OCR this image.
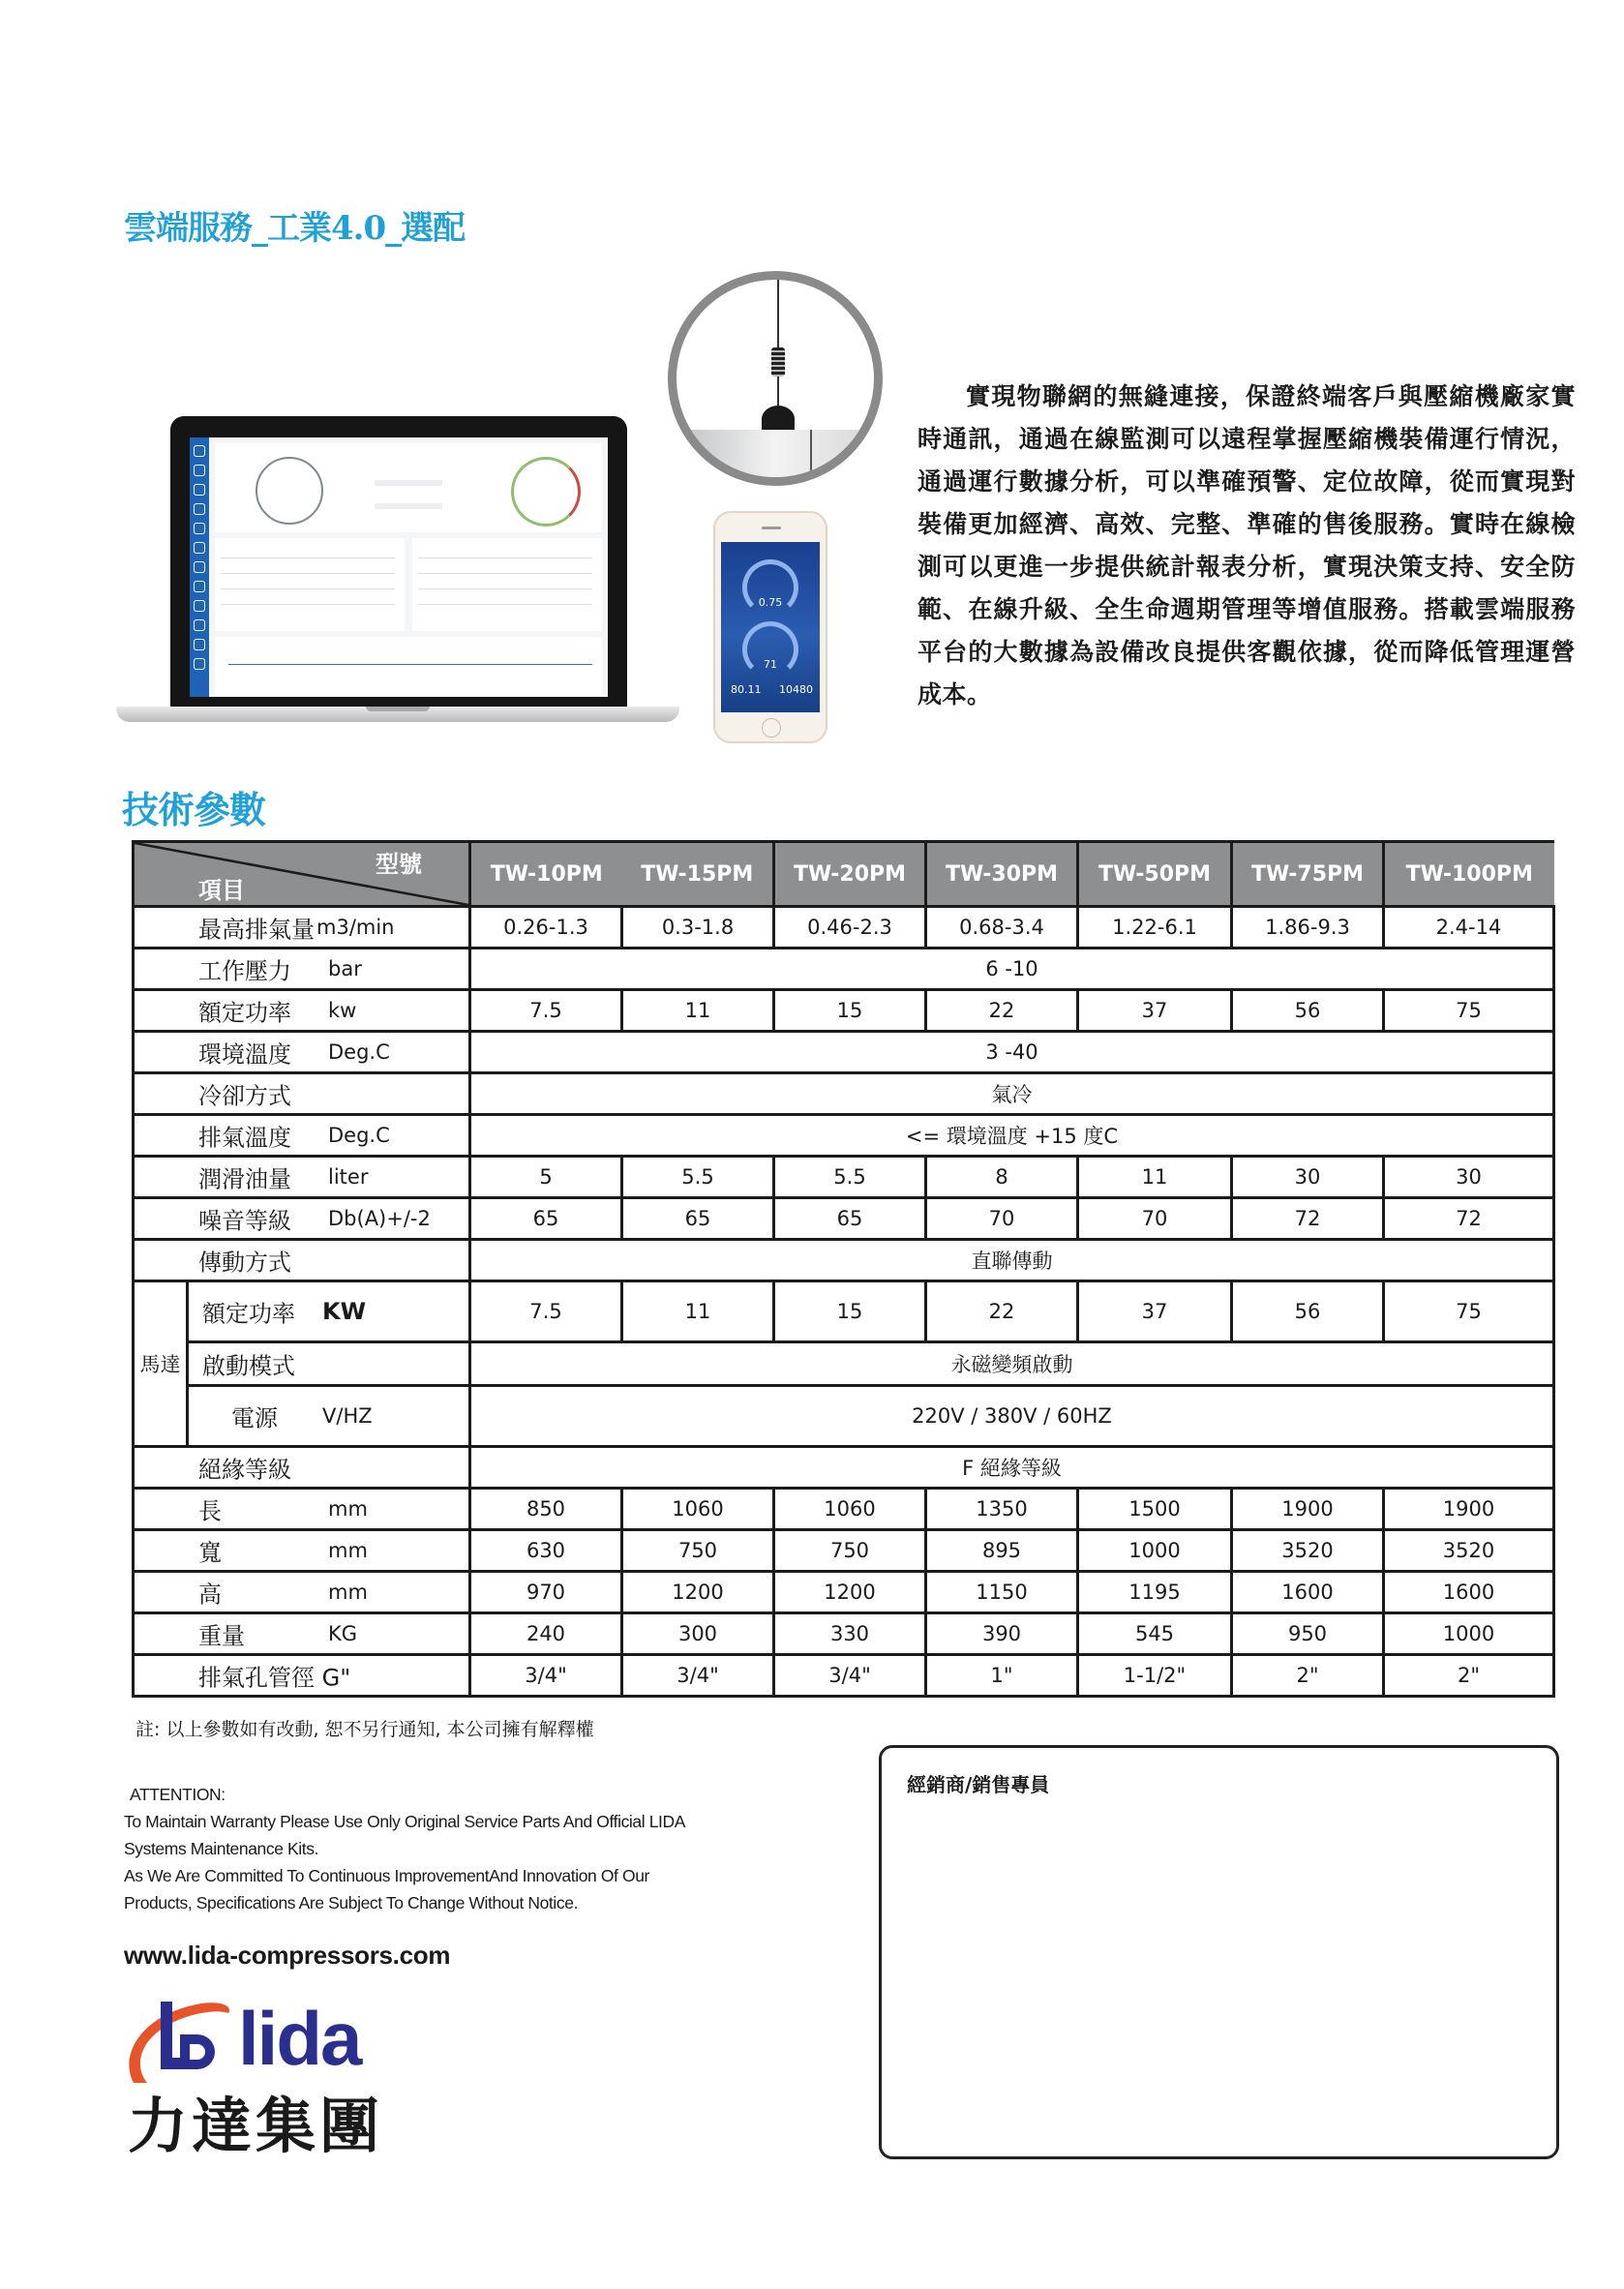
雲端服務_工業4.0_選配
0.75
71
80.11 10480

實現物聯網的無縫連接，保證終端客戶與壓縮機廠家實時通訊，通過在線監測可以遠程掌握壓縮機裝備運行情況，通過運行數據分析，可以準確預警、定位故障，從而實現對裝備更加經濟、高效、完整、準確的售後服務。實時在線檢測可以更進一步提供統計報表分析，實現決策支持、安全防範、在線升級、全生命週期管理等增值服務。搭載雲端服務平台的大數據為設備改良提供客觀依據，從而降低管理運營成本。

技術參數
型號
項目		TW-10PM	TW-15PM	TW-20PM	TW-30PM	TW-50PM	TW-75PM	TW-100PM

最高排氣量 m3/min		0.26-1.3	0.3-1.8	0.46-2.3	0.68-3.4	1.22-6.1	1.86-9.3	2.4-14

工作壓力 bar		6 -10						

額定功率 kw		7.5	11	15	22	37	56	75

環境溫度 Deg.C		3 -40						

冷卻方式		氣冷						

排氣溫度 Deg.C		<= 環境溫度 +15 度C						

潤滑油量 liter		5	5.5	5.5	8	11	30	30

噪音等級 Db(A)+/-2		65	65	65	70	70	72	72

傳動方式		直聯傳動						
馬達	額定功率 KW	7.5	11	15	22	37	56	75

	啟動模式	永磁變頻啟動						

	電源 V/HZ	220V / 380V / 60HZ						

絕緣等級		F 絕緣等級						

長 mm		850	1060	1060	1350	1500	1900	1900

寬 mm		630	750	750	895	1000	3520	3520

高 mm		970	1200	1200	1150	1195	1600	1600

重量 KG		240	300	330	390	545	950	1000

排氣孔管徑 G"		3/4"	3/4"	3/4"	1"	1-1/2"	2"	2"
註: 以上參數如有改動, 恕不另行通知, 本公司擁有解釋權
ATTENTION:
To Maintain Warranty Please Use Only Original Service Parts And Official LIDA
Systems Maintenance Kits.
As We Are Committed To Continuous ImprovementAnd Innovation Of Our
Products, Specifications Are Subject To Change Without Notice.
www.lida-compressors.com
lida
力達集團
經銷商/銷售專員
